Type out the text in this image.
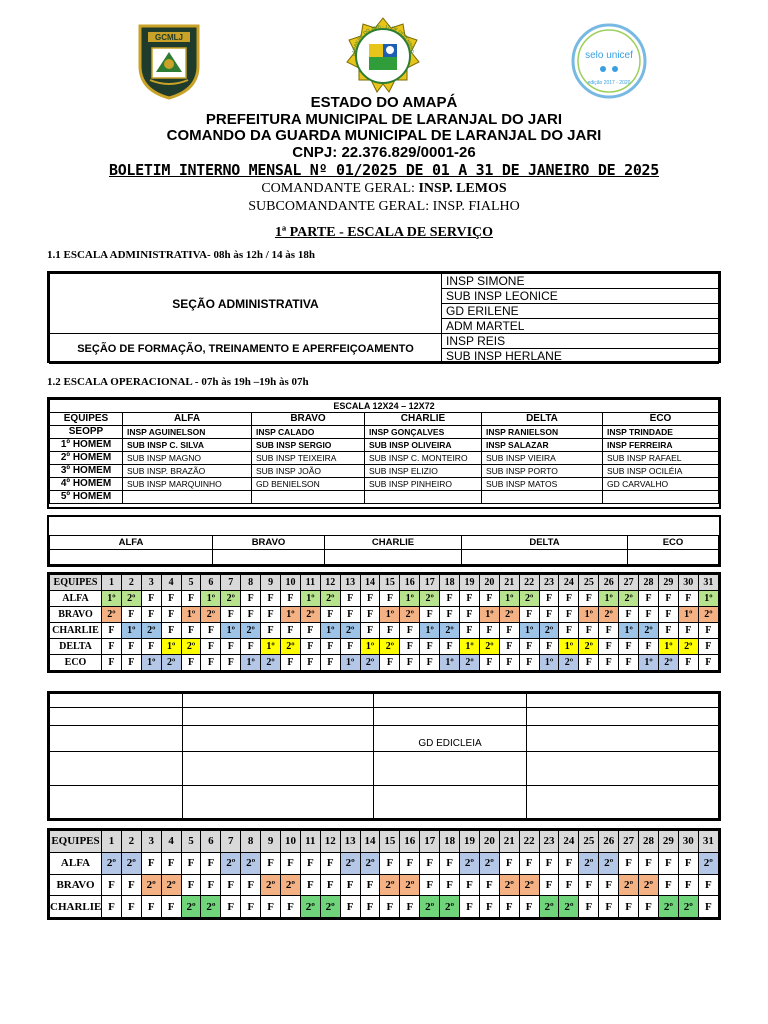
GCMLJ
LARANJAL DO JARI - 17 DE DEZEMBRO	selo unicef
edição 2017 - 2020
ESTADO DO AMAPÁ
PREFEITURA MUNICIPAL DE LARANJAL DO JARI
COMANDO DA GUARDA MUNICIPAL DE LARANJAL DO JARI
CNPJ: 22.376.829/0001-26
BOLETIM INTERNO MENSAL Nº 01/2025 DE 01 A 31 DE JANEIRO DE 2025
COMANDANTE GERAL: INSP. LEMOS
SUBCOMANDANTE GERAL: INSP. FIALHO
1ª PARTE - ESCALA DE SERVIÇO
1.1 ESCALA ADMINISTRATIVA- 08h às 12h / 14 às 18h
SEÇÃO ADMINISTRATIVA	INSP SIMONE
	SUB INSP LEONICE
	GD ERILENE
	ADM MARTEL
SEÇÃO DE FORMAÇÃO, TREINAMENTO E APERFEIÇOAMENTO	INSP REIS
	SUB INSP HERLANE
1.2 ESCALA OPERACIONAL - 07h às 19h –19h às 07h
ESCALA 12X24 – 12X72					
EQUIPES	ALFA	BRAVO	CHARLIE	DELTA	ECO
SEOPP	INSP AGUINELSON	INSP CALADO	INSP GONÇALVES	INSP RANIELSON	INSP TRINDADE
1º HOMEM	SUB INSP C. SILVA	SUB INSP SERGIO	SUB INSP OLIVEIRA	INSP SALAZAR	INSP FERREIRA
2º HOMEM	SUB INSP MAGNO	SUB INSP TEIXEIRA	SUB INSP C. MONTEIRO	SUB INSP VIEIRA	SUB INSP RAFAEL
3º HOMEM	SUB INSP. BRAZÃO	SUB INSP JOÃO	SUB INSP ELIZIO	SUB INSP PORTO	SUB INSP OCILÉIA
4º HOMEM	SUB INSP MARQUINHO	GD BENIELSON	SUB INSP PINHEIRO	SUB INSP MATOS	GD CARVALHO
5º HOMEM					

ALFA	BRAVO	CHARLIE	DELTA	ECO

EQUIPES	1	2	3	4	5	6	7	8	9	10	11	12	13	14	15	16	17	18	19	20	21	22	23	24	25	26	27	28	29	30	31
ALFA	1º	2º	F	F	F	1º	2º	F	F	F	1º	2º	F	F	F	1º	2º	F	F	F	1º	2º	F	F	F	1º	2º	F	F	F	1º
BRAVO	2º	F	F	F	1º	2º	F	F	F	1º	2º	F	F	F	1º	2º	F	F	F	1º	2º	F	F	F	1º	2º	F	F	F	1º	2º
CHARLIE	F	1º	2º	F	F	F	1º	2º	F	F	F	1º	2º	F	F	F	1º	2º	F	F	F	1º	2º	F	F	F	1º	2º	F	F	F
DELTA	F	F	F	1º	2º	F	F	F	1º	2º	F	F	F	1º	2º	F	F	F	1º	2º	F	F	F	1º	2º	F	F	F	1º	2º	F
ECO	F	F	1º	2º	F	F	F	1º	2º	F	F	F	1º	2º	F	F	F	1º	2º	F	F	F	1º	2º	F	F	F	1º	2º	F	F

		GD EDICLEIA	

EQUIPES	1	2	3	4	5	6	7	8	9	10	11	12	13	14	15	16	17	18	19	20	21	22	23	24	25	26	27	28	29	30	31
ALFA	2º	2º	F	F	F	F	2º	2º	F	F	F	F	2º	2º	F	F	F	F	2º	2º	F	F	F	F	2º	2º	F	F	F	F	2º
BRAVO	F	F	2º	2º	F	F	F	F	2º	2º	F	F	F	F	2º	2º	F	F	F	F	2º	2º	F	F	F	F	2º	2º	F	F	F
CHARLIE	F	F	F	F	2º	2º	F	F	F	F	2º	2º	F	F	F	F	2º	2º	F	F	F	F	2º	2º	F	F	F	F	2º	2º	F
